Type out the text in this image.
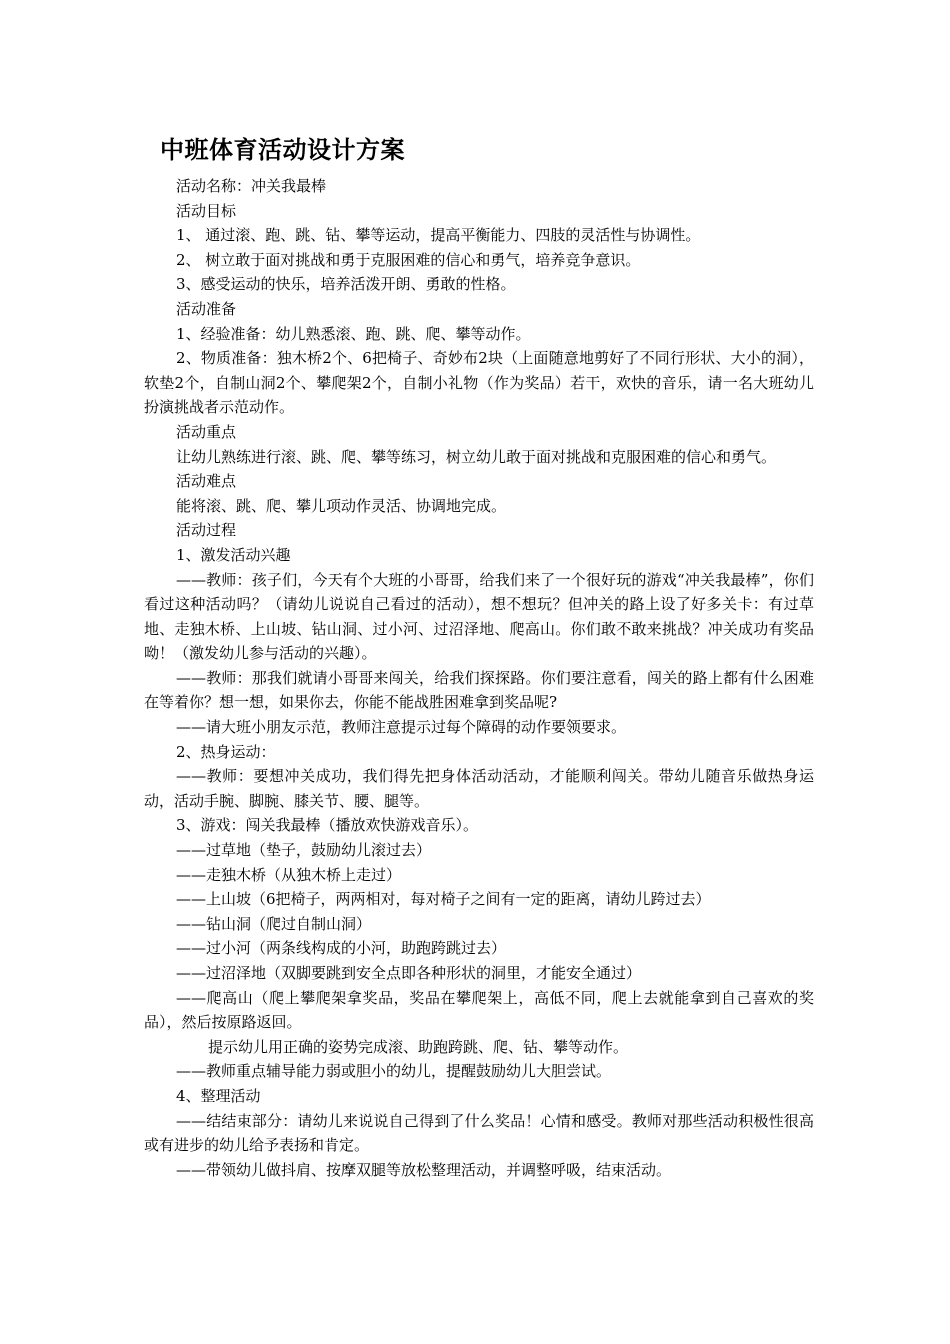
中班体育活动设计方案

活动名称：冲关我最棒

活动目标

1、 通过滚、跑、跳、钻、攀等运动，提高平衡能力、四肢的灵活性与协调性。

2、 树立敢于面对挑战和勇于克服困难的信心和勇气，培养竞争意识。

3、感受运动的快乐，培养活泼开朗、勇敢的性格。

活动准备

1、经验准备：幼儿熟悉滚、跑、跳、爬、攀等动作。

2、物质准备：独木桥2个、6把椅子、奇妙布2块（上面随意地剪好了不同行形状、大小的洞），软垫2个，自制山洞2个、攀爬架2个，自制小礼物（作为奖品）若干，欢快的音乐，请一名大班幼儿扮演挑战者示范动作。

活动重点

让幼儿熟练进行滚、跳、爬、攀等练习，树立幼儿敢于面对挑战和克服困难的信心和勇气。

活动难点

能将滚、跳、爬、攀儿项动作灵活、协调地完成。

活动过程

1、激发活动兴趣

——教师：孩子们，今天有个大班的小哥哥，给我们来了一个很好玩的游戏“冲关我最棒”，你们看过这种活动吗？（请幼儿说说自己看过的活动），想不想玩？但冲关的路上设了好多关卡：有过草地、走独木桥、上山坡、钻山洞、过小河、过沼泽地、爬高山。你们敢不敢来挑战？冲关成功有奖品呦！（激发幼儿参与活动的兴趣）。

——教师：那我们就请小哥哥来闯关，给我们探探路。你们要注意看，闯关的路上都有什么困难在等着你？想一想，如果你去，你能不能战胜困难拿到奖品呢?

——请大班小朋友示范，教师注意提示过每个障碍的动作要领要求。

2、热身运动：

——教师：要想冲关成功，我们得先把身体活动活动，才能顺利闯关。带幼儿随音乐做热身运动，活动手腕、脚腕、膝关节、腰、腿等。

3、游戏：闯关我最棒（播放欢快游戏音乐）。

——过草地（垫子，鼓励幼儿滚过去）

——走独木桥（从独木桥上走过）

——上山坡（6把椅子，两两相对，每对椅子之间有一定的距离，请幼儿跨过去）

——钻山洞（爬过自制山洞）

——过小河（两条线构成的小河，助跑跨跳过去）

——过沼泽地（双脚要跳到安全点即各种形状的洞里，才能安全通过）

——爬高山（爬上攀爬架拿奖品，奖品在攀爬架上，高低不同，爬上去就能拿到自己喜欢的奖品），然后按原路返回。

提示幼儿用正确的姿势完成滚、助跑跨跳、爬、钻、攀等动作。

——教师重点辅导能力弱或胆小的幼儿，提醒鼓励幼儿大胆尝试。

4、整理活动

——结结束部分：请幼儿来说说自己得到了什么奖品！心情和感受。教师对那些活动积极性很高或有进步的幼儿给予表扬和肯定。

——带领幼儿做抖肩、按摩双腿等放松整理活动，并调整呼吸，结束活动。
